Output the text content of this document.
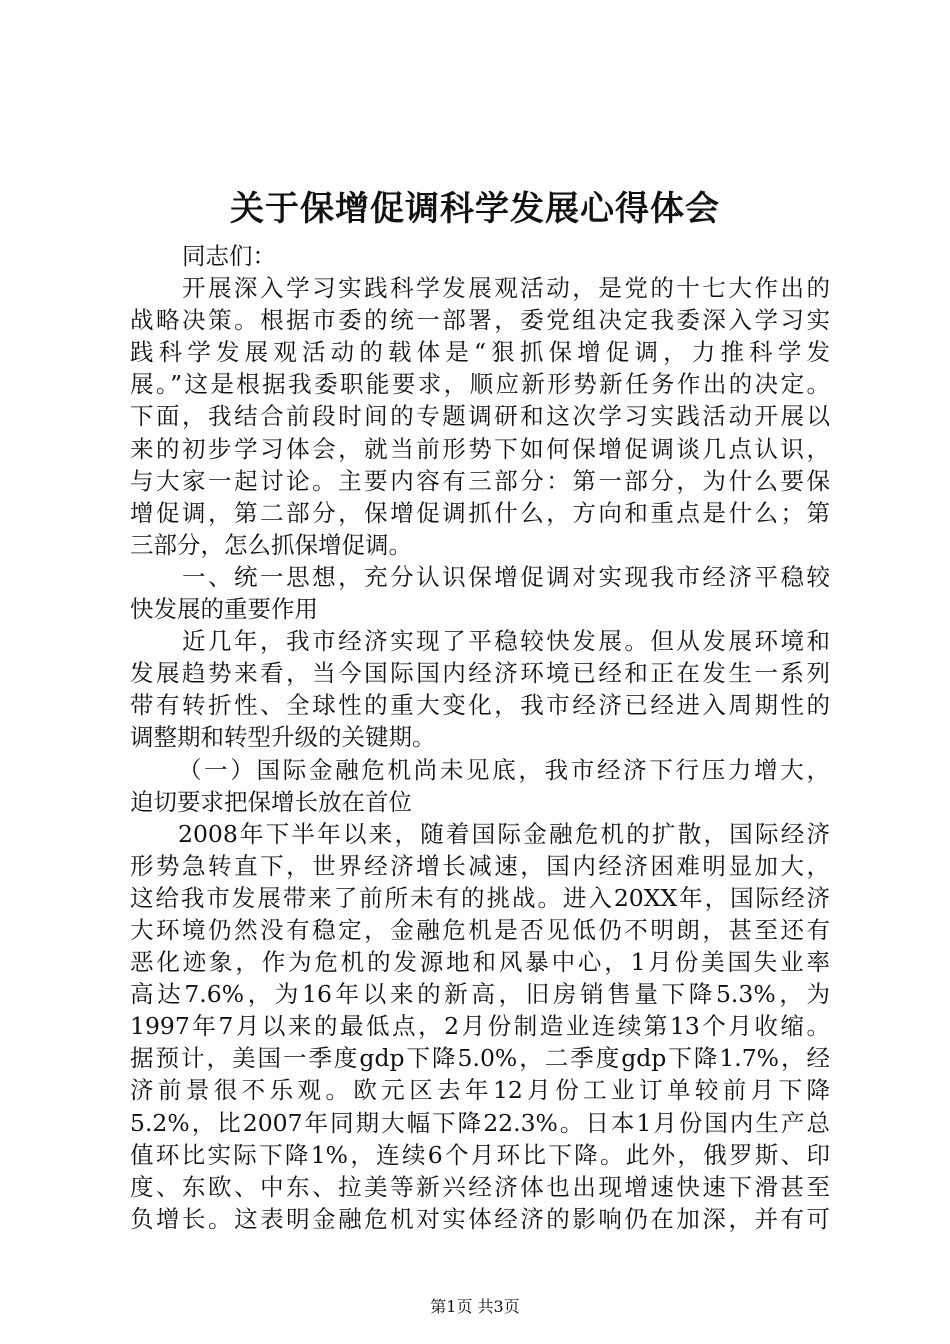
关于保增促调科学发展心得体会
同志们：
开展深入学习实践科学发展观活动，是党的十七大作出的
战略决策。根据市委的统一部署，委党组决定我委深入学习实
践科学发展观活动的载体是“狠抓保增促调，力推科学发
展。”这是根据我委职能要求，顺应新形势新任务作出的决定。
下面，我结合前段时间的专题调研和这次学习实践活动开展以
来的初步学习体会，就当前形势下如何保增促调谈几点认识，
与大家一起讨论。主要内容有三部分：第一部分，为什么要保
增促调，第二部分，保增促调抓什么，方向和重点是什么；第
三部分，怎么抓保增促调。
一、统一思想，充分认识保增促调对实现我市经济平稳较
快发展的重要作用
近几年，我市经济实现了平稳较快发展。但从发展环境和
发展趋势来看，当今国际国内经济环境已经和正在发生一系列
带有转折性、全球性的重大变化，我市经济已经进入周期性的
调整期和转型升级的关键期。
（一）国际金融危机尚未见底，我市经济下行压力增大，
迫切要求把保增长放在首位
2008年下半年以来，随着国际金融危机的扩散，国际经济
形势急转直下，世界经济增长减速，国内经济困难明显加大，
这给我市发展带来了前所未有的挑战。进入20XX年，国际经济
大环境仍然没有稳定，金融危机是否见低仍不明朗，甚至还有
恶化迹象，作为危机的发源地和风暴中心，1月份美国失业率
高达7.6%，为16年以来的新高，旧房销售量下降5.3%，为
1997年7月以来的最低点，2月份制造业连续第13个月收缩。
据预计，美国一季度gdp下降5.0%，二季度gdp下降1.7%，经
济前景很不乐观。欧元区去年12月份工业订单较前月下降
5.2%，比2007年同期大幅下降22.3%。日本1月份国内生产总
值环比实际下降1%，连续6个月环比下降。此外，俄罗斯、印
度、东欧、中东、拉美等新兴经济体也出现增速快速下滑甚至
负增长。这表明金融危机对实体经济的影响仍在加深，并有可
第1页 共3页
